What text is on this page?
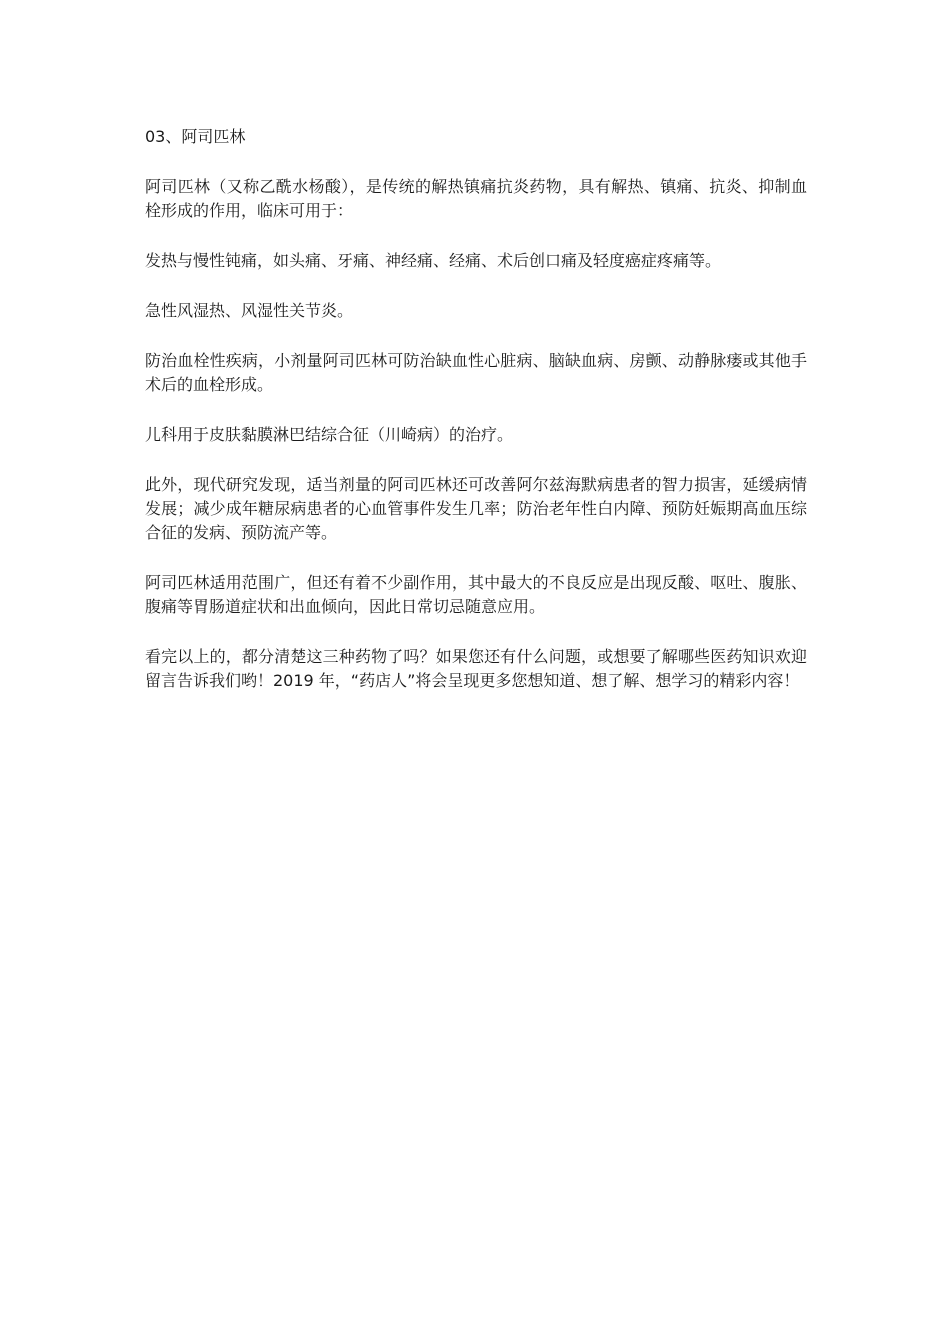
03、阿司匹林

阿司匹林（又称乙酰水杨酸），是传统的解热镇痛抗炎药物，具有解热、镇痛、抗炎、抑制血栓形成的作用，临床可用于：

发热与慢性钝痛，如头痛、牙痛、神经痛、经痛、术后创口痛及轻度癌症疼痛等。

急性风湿热、风湿性关节炎。

防治血栓性疾病，小剂量阿司匹林可防治缺血性心脏病、脑缺血病、房颤、动静脉瘘或其他手术后的血栓形成。

儿科用于皮肤黏膜淋巴结综合征（川崎病）的治疗。

此外，现代研究发现，适当剂量的阿司匹林还可改善阿尔兹海默病患者的智力损害，延缓病情发展；减少成年糖尿病患者的心血管事件发生几率；防治老年性白内障、预防妊娠期高血压综合征的发病、预防流产等。

阿司匹林适用范围广，但还有着不少副作用，其中最大的不良反应是出现反酸、呕吐、腹胀、腹痛等胃肠道症状和出血倾向，因此日常切忌随意应用。

看完以上的，都分清楚这三种药物了吗？如果您还有什么问题，或想要了解哪些医药知识欢迎留言告诉我们哟！2019 年，“药店人”将会呈现更多您想知道、想了解、想学习的精彩内容！
